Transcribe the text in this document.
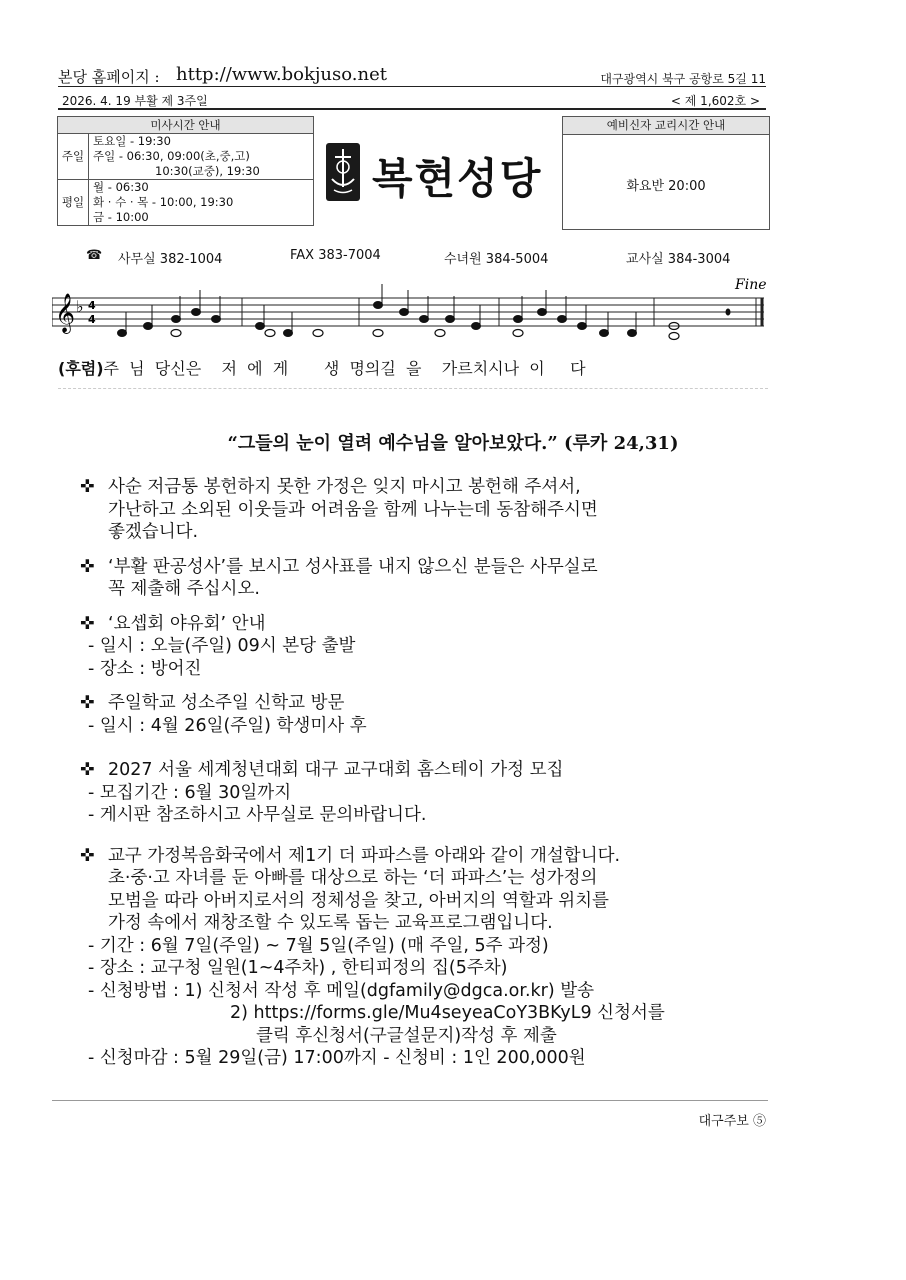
본당 홈페이지 : http://www.bokjuso.net	대구광역시 북구 공항로 5길 11
2026. 4. 19 부활 제 3주일	< 제 1,602호 >
미사시간 안내	
주일	토요일 - 19:30
주일 - 06:30, 09:00(초,중,고)
10:30(교중), 19:30

평일	월 - 06:30
화 · 수 · 목 - 10:00, 19:30
금 - 10:00
복현성당
예비신자 교리시간 안내
화요반 20:00
☎ 사무실 382-1004	FAX 383-7004	수녀원 384-5004	교사실 384-3004
𝄞 ♭ 4
4
Fine
(후렴)주  님  당신은    저  에  게       생  명의길  을    가르치시나  이     다
“그들의 눈이 열려 예수님을 알아보았다.” (루카 24,31)
✜ 사순 저금통 봉헌하지 못한 가정은 잊지 마시고 봉헌해 주셔서,
가난하고 소외된 이웃들과 어려움을 함께 나누는데 동참해주시면
좋겠습니다.
✜ ‘부활 판공성사’를 보시고 성사표를 내지 않으신 분들은 사무실로
꼭 제출해 주십시오.
✜ ‘요셉회 야유회’ 안내
- 일시 : 오늘(주일) 09시 본당 출발
- 장소 : 방어진
✜ 주일학교 성소주일 신학교 방문
- 일시 : 4월 26일(주일) 학생미사 후
✜ 2027 서울 세계청년대회 대구 교구대회 홈스테이 가정 모집
- 모집기간 : 6월 30일까지
- 게시판 참조하시고 사무실로 문의바랍니다.
✜ 교구 가정복음화국에서 제1기 더 파파스를 아래와 같이 개설합니다.
초·중·고 자녀를 둔 아빠를 대상으로 하는 ‘더 파파스’는 성가정의
모범을 따라 아버지로서의 정체성을 찾고, 아버지의 역할과 위치를
가정 속에서 재창조할 수 있도록 돕는 교육프로그램입니다.
- 기간 : 6월 7일(주일) ~ 7월 5일(주일) (매 주일, 5주 과정)
- 장소 : 교구청 일원(1~4주차) , 한티피정의 집(5주차)
- 신청방법 : 1) 신청서 작성 후 메일(dgfamily@dgca.or.kr) 발송
2) https://forms.gle/Mu4seyeaCoY3BKyL9 신청서를
클릭 후신청서(구글설문지)작성 후 제출
- 신청마감 : 5월 29일(금) 17:00까지 - 신청비 : 1인 200,000원
대구주보 ⑤
